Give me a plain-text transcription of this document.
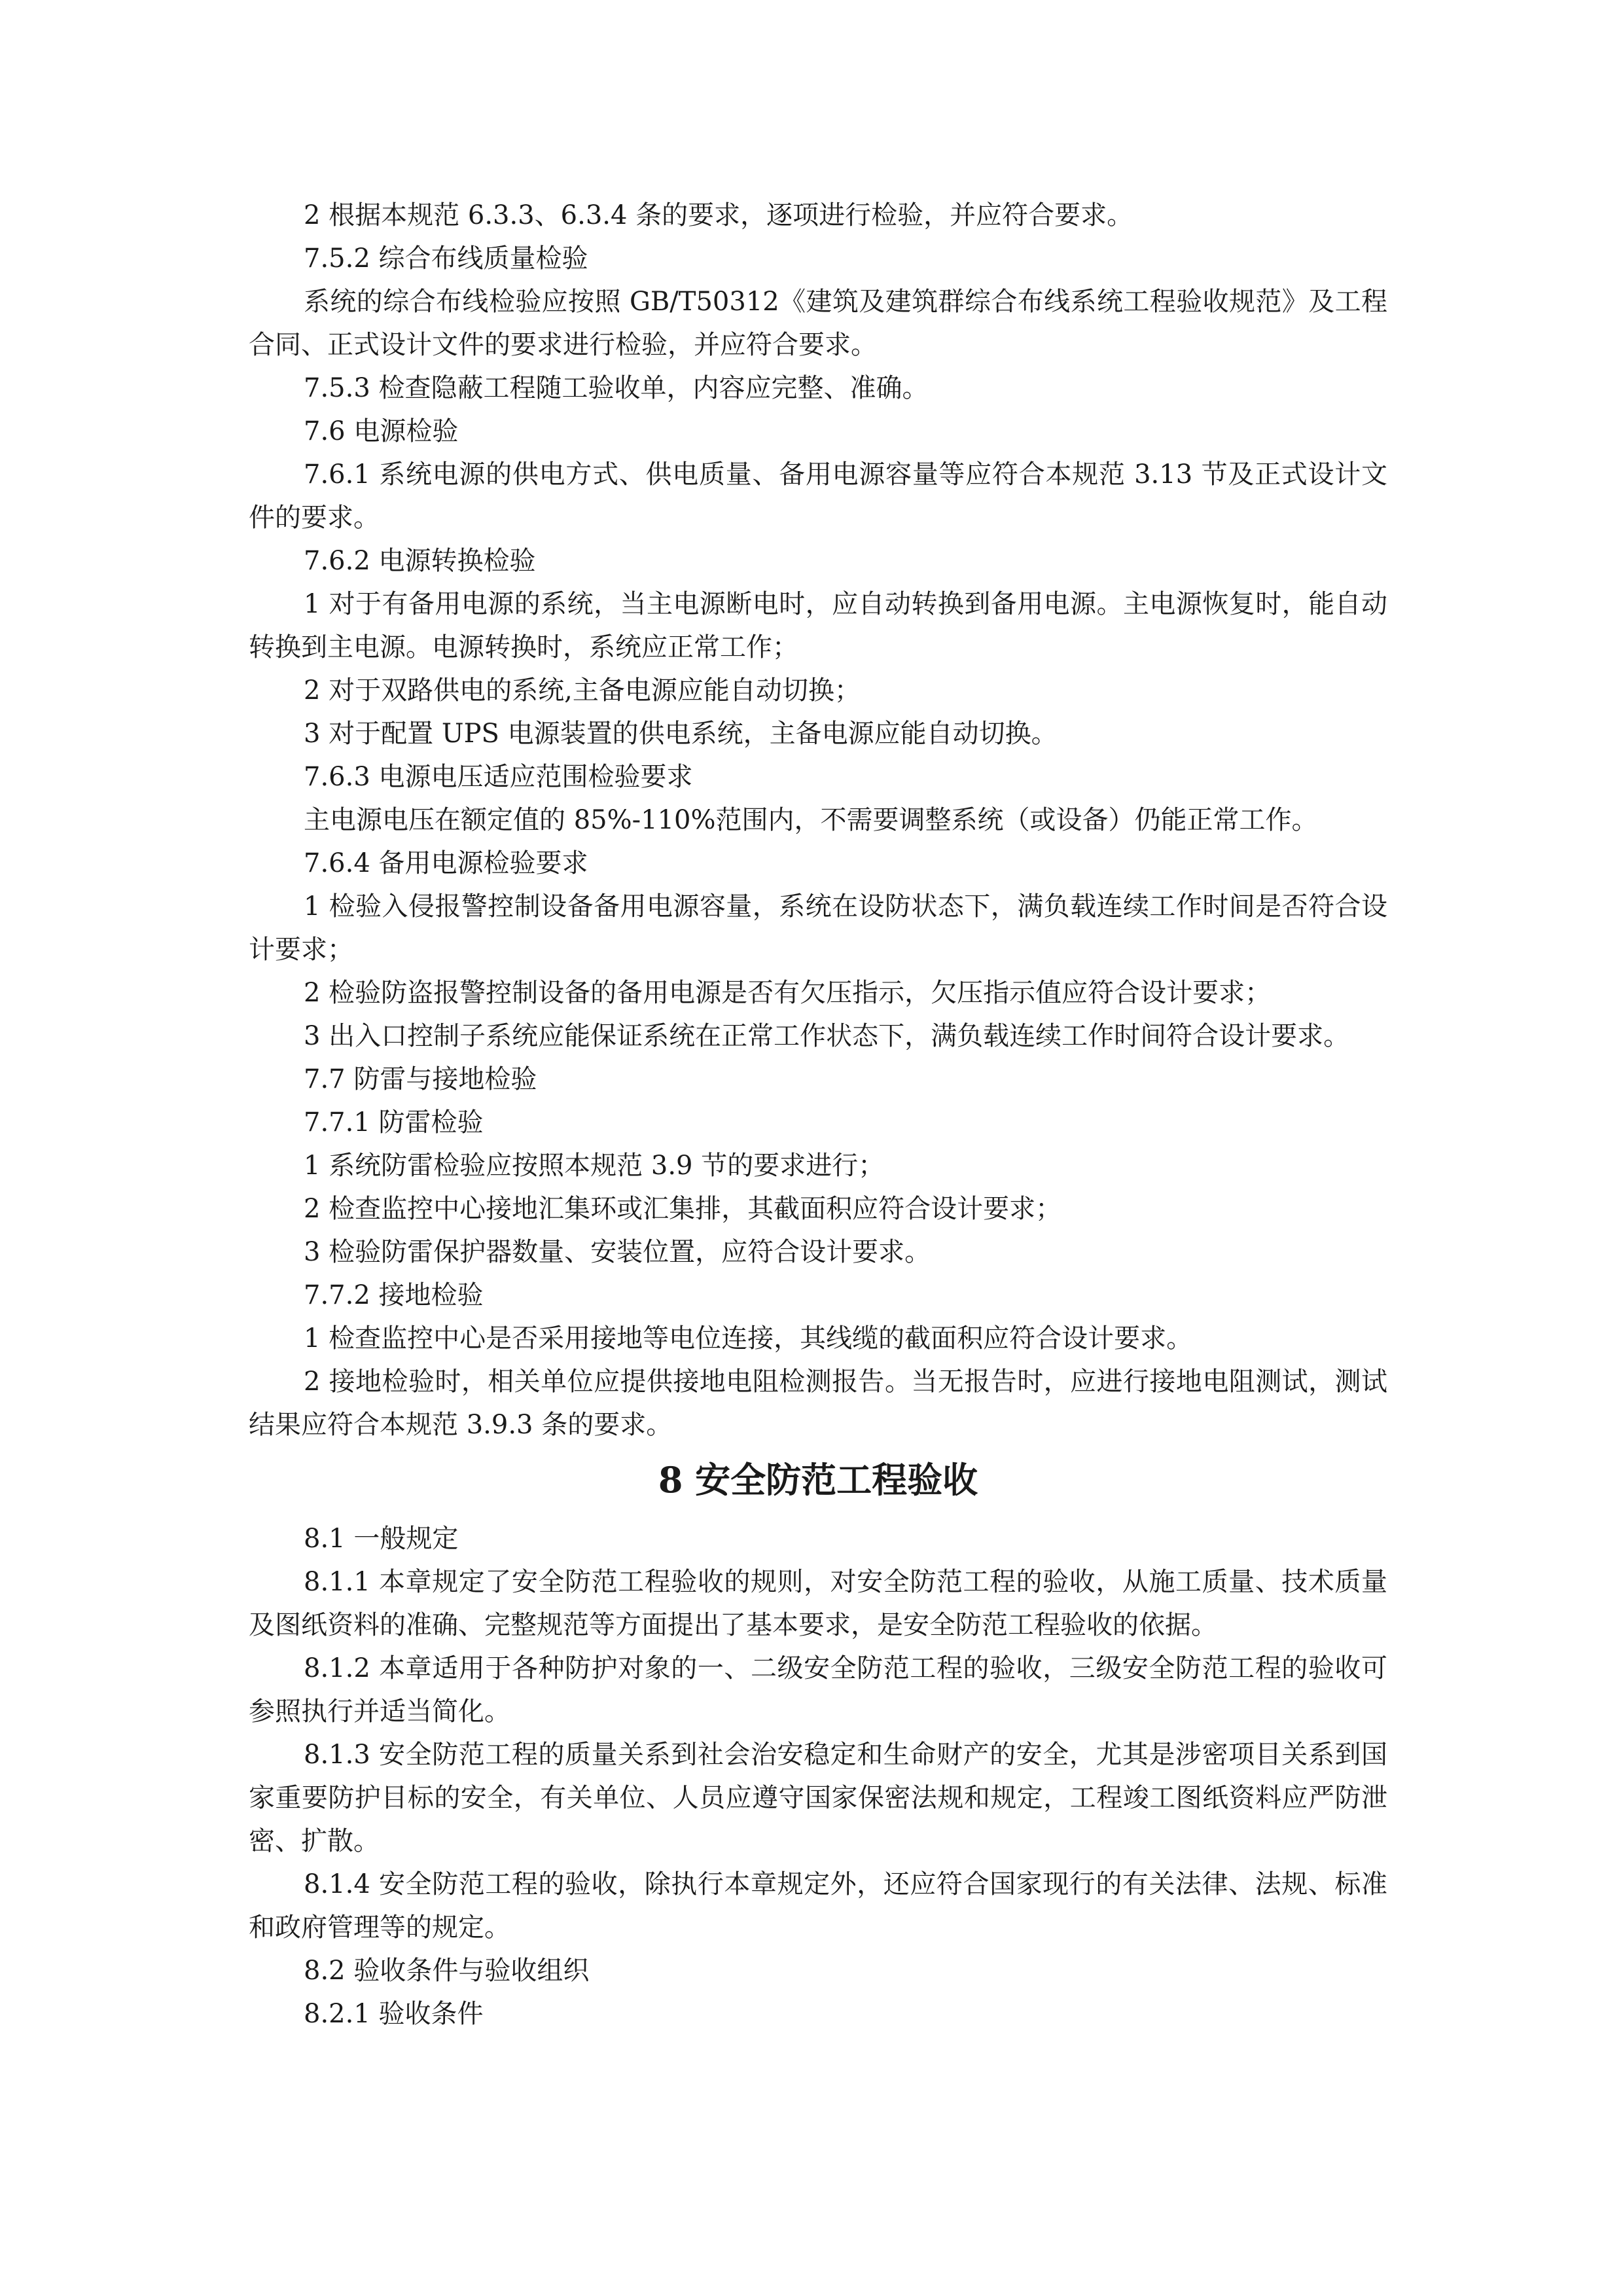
2 根据本规范 6.3.3、6.3.4 条的要求，逐项进行检验，并应符合要求。

7.5.2 综合布线质量检验

系统的综合布线检验应按照 GB/T50312《建筑及建筑群综合布线系统工程验收规范》及工程合同、正式设计文件的要求进行检验，并应符合要求。

7.5.3 检查隐蔽工程随工验收单，内容应完整、准确。

7.6 电源检验

7.6.1 系统电源的供电方式、供电质量、备用电源容量等应符合本规范 3.13 节及正式设计文件的要求。

7.6.2 电源转换检验

1 对于有备用电源的系统，当主电源断电时，应自动转换到备用电源。主电源恢复时，能自动转换到主电源。电源转换时，系统应正常工作；

2 对于双路供电的系统,主备电源应能自动切换；

3 对于配置 UPS 电源装置的供电系统，主备电源应能自动切换。

7.6.3 电源电压适应范围检验要求

主电源电压在额定值的 85%-110%范围内，不需要调整系统（或设备）仍能正常工作。

7.6.4 备用电源检验要求

1 检验入侵报警控制设备备用电源容量，系统在设防状态下，满负载连续工作时间是否符合设计要求；

2 检验防盗报警控制设备的备用电源是否有欠压指示，欠压指示值应符合设计要求；

3 出入口控制子系统应能保证系统在正常工作状态下，满负载连续工作时间符合设计要求。

7.7 防雷与接地检验

7.7.1 防雷检验

1 系统防雷检验应按照本规范 3.9 节的要求进行；

2 检查监控中心接地汇集环或汇集排，其截面积应符合设计要求；

3 检验防雷保护器数量、安装位置，应符合设计要求。

7.7.2 接地检验

1 检查监控中心是否采用接地等电位连接，其线缆的截面积应符合设计要求。

2 接地检验时，相关单位应提供接地电阻检测报告。当无报告时，应进行接地电阻测试，测试结果应符合本规范 3.9.3 条的要求。

8 安全防范工程验收

8.1 一般规定

8.1.1 本章规定了安全防范工程验收的规则，对安全防范工程的验收，从施工质量、技术质量及图纸资料的准确、完整规范等方面提出了基本要求，是安全防范工程验收的依据。

8.1.2 本章适用于各种防护对象的一、二级安全防范工程的验收，三级安全防范工程的验收可参照执行并适当简化。

8.1.3 安全防范工程的质量关系到社会治安稳定和生命财产的安全，尤其是涉密项目关系到国家重要防护目标的安全，有关单位、人员应遵守国家保密法规和规定，工程竣工图纸资料应严防泄密、扩散。

8.1.4 安全防范工程的验收，除执行本章规定外，还应符合国家现行的有关法律、法规、标准和政府管理等的规定。

8.2 验收条件与验收组织

8.2.1 验收条件
